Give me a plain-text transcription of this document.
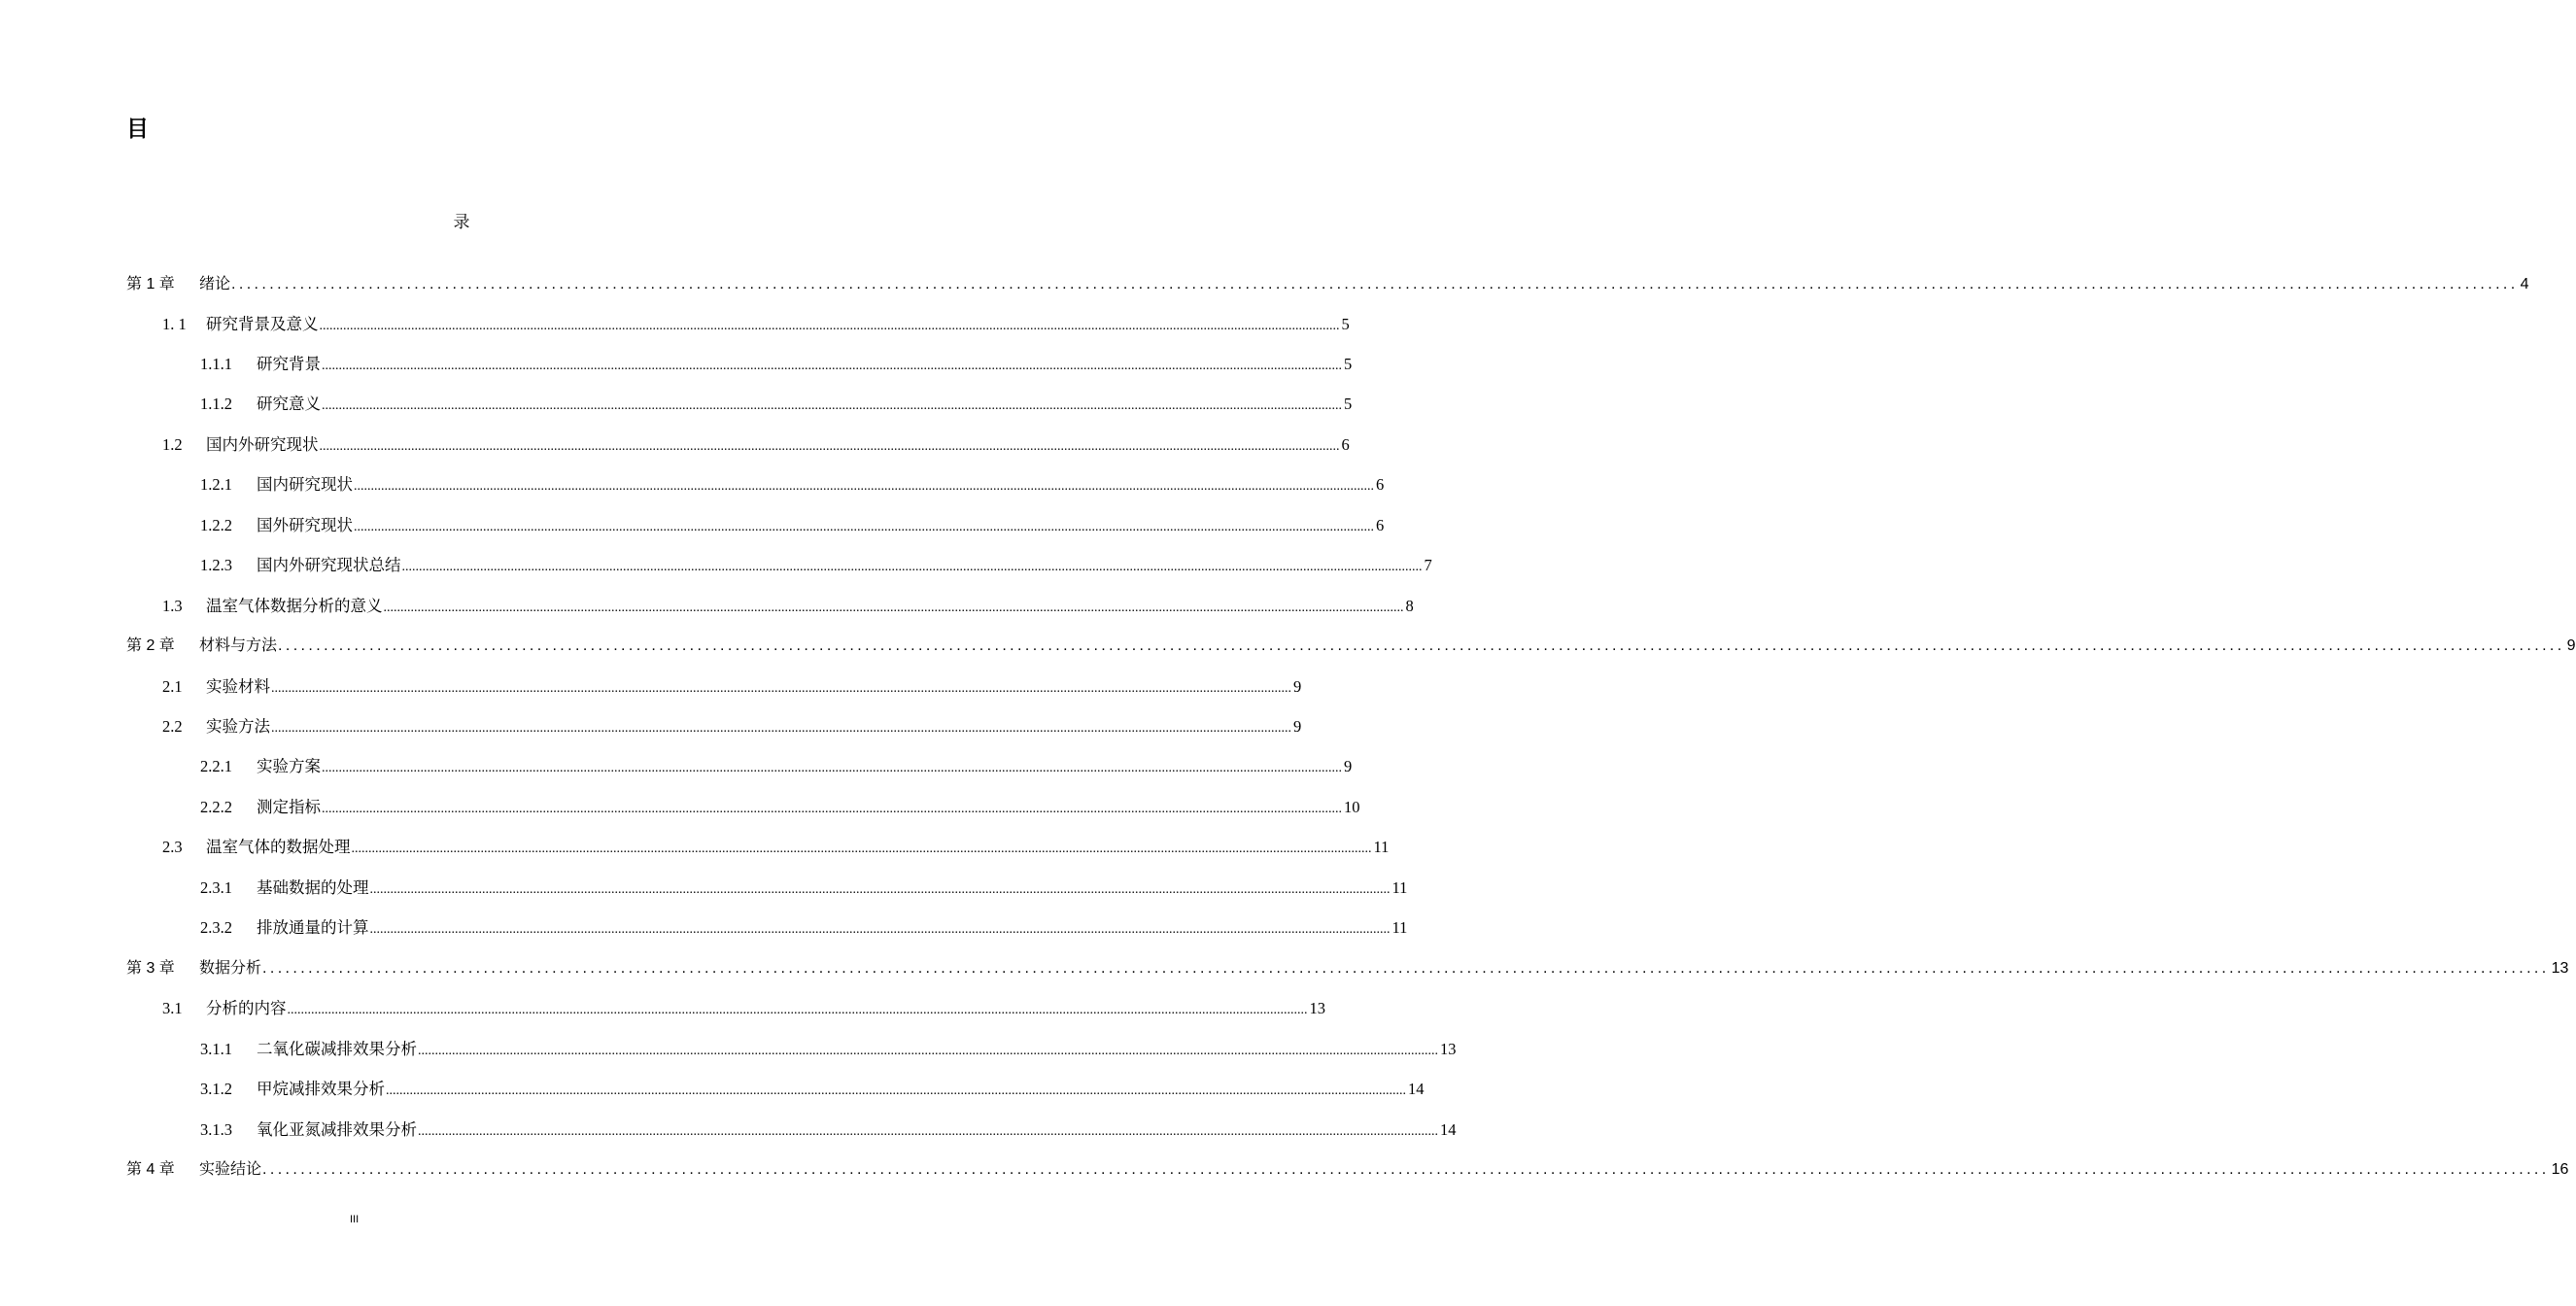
目
录
第 1 章	绪论 ............................................................................................................................................................................................................................................................................................................ 4
1. 1	研究背景及意义 ............................................................................................................................................................................................................................................................................................................ 5
1.1.1	研究背景 ............................................................................................................................................................................................................................................................................................................ 5
1.1.2	研究意义 ............................................................................................................................................................................................................................................................................................................ 5
1.2	国内外研究现状 ............................................................................................................................................................................................................................................................................................................ 6
1.2.1	国内研究现状 ............................................................................................................................................................................................................................................................................................................ 6
1.2.2	国外研究现状 ............................................................................................................................................................................................................................................................................................................ 6
1.2.3	国内外研究现状总结 ............................................................................................................................................................................................................................................................................................................ 7
1.3	温室气体数据分析的意义 ............................................................................................................................................................................................................................................................................................................ 8
第 2 章	材料与方法 ............................................................................................................................................................................................................................................................................................................ 9
2.1	实验材料 ............................................................................................................................................................................................................................................................................................................ 9
2.2	实验方法 ............................................................................................................................................................................................................................................................................................................ 9
2.2.1	实验方案 ............................................................................................................................................................................................................................................................................................................ 9
2.2.2	测定指标 ............................................................................................................................................................................................................................................................................................................ 10
2.3	温室气体的数据处理 ............................................................................................................................................................................................................................................................................................................ 11
2.3.1	基础数据的处理 ............................................................................................................................................................................................................................................................................................................ 11
2.3.2	排放通量的计算 ............................................................................................................................................................................................................................................................................................................ 11
第 3 章	数据分析 ............................................................................................................................................................................................................................................................................................................ 13
3.1	分析的内容 ............................................................................................................................................................................................................................................................................................................ 13
3.1.1	二氧化碳减排效果分析 ............................................................................................................................................................................................................................................................................................................ 13
3.1.2	甲烷减排效果分析 ............................................................................................................................................................................................................................................................................................................ 14
3.1.3	氧化亚氮减排效果分析 ............................................................................................................................................................................................................................................................................................................ 14
第 4 章	实验结论 ............................................................................................................................................................................................................................................................................................................ 16
III
